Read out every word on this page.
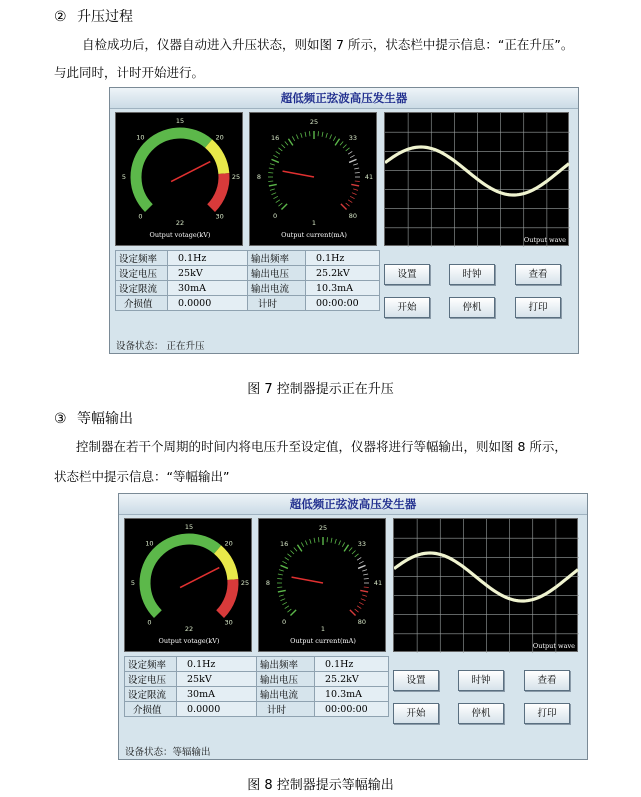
② 升压过程
自检成功后，仪器自动进入升压状态，则如图 7 所示，状态栏中提示信息：“正在升压”。
与此同时，计时开始进行。
超低频正弦波高压发生器
0
5
10
15
20
25
30
22
Output votage(kV)
0
8
16
25
33
41
80
1
Output current(mA)
Output wave
设定频率	0.1Hz	输出频率	0.1Hz
设定电压	25kV	输出电压	25.2kV
设定限流	30mA	输出电流	10.3mA
介损值	0.0000	计时	00:00:00
设置	时钟	查看
开始	停机	打印
设备状态： 正在升压
图 7 控制器提示正在升压
③ 等幅输出
控制器在若干个周期的时间内将电压升至设定值，仪器将进行等幅输出，则如图 8 所示，
状态栏中提示信息：“等幅输出”
超低频正弦波高压发生器
0
5
10
15
20
25
30
22
Output votage(kV)
0
8
16
25
33
41
80
1
Output current(mA)
Output wave
设定频率	0.1Hz	输出频率	0.1Hz
设定电压	25kV	输出电压	25.2kV
设定限流	30mA	输出电流	10.3mA
介损值	0.0000	计时	00:00:00
设置	时钟	查看
开始	停机	打印
设备状态：等辐输出
图 8 控制器提示等幅输出
